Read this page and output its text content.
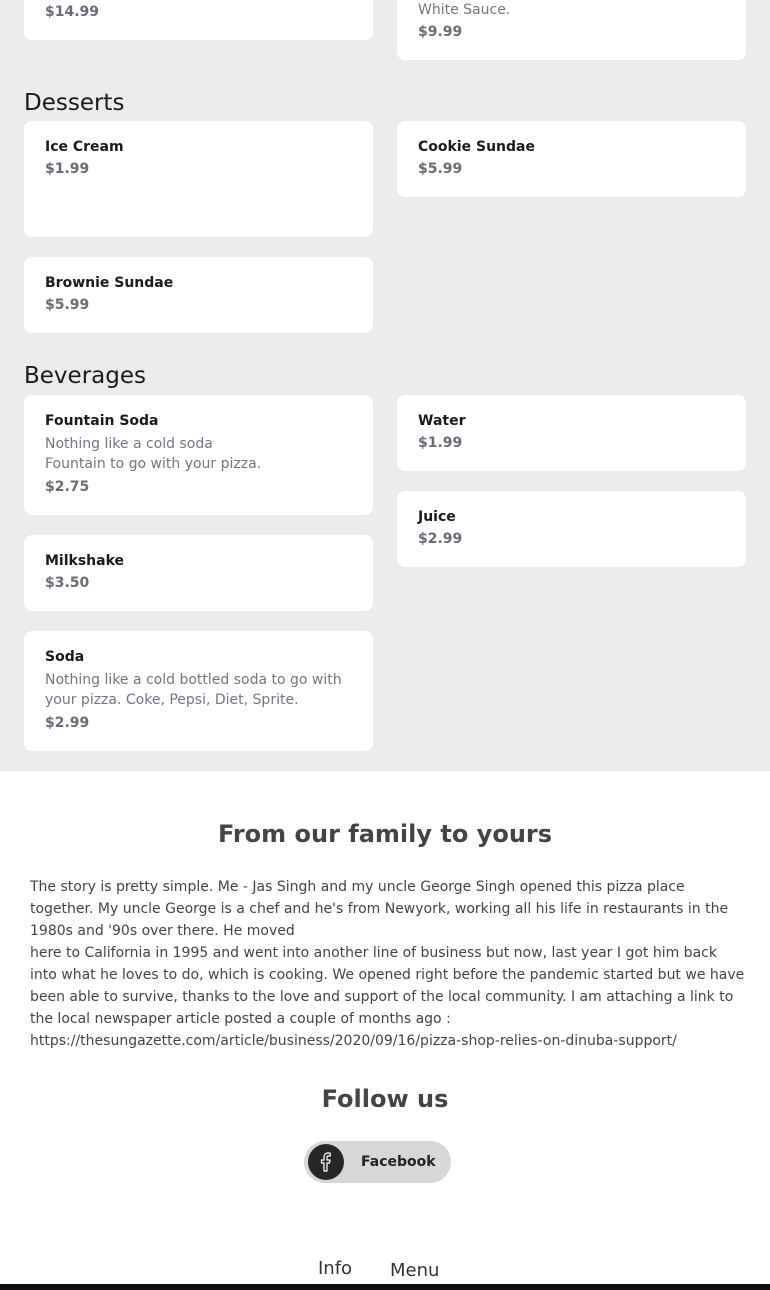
$14.99	White Sauce.
$9.99
Desserts
Ice Cream
$1.99
Cookie Sundae
$5.99
Brownie Sundae
$5.99
Beverages
Fountain Soda
Nothing like a cold soda
Fountain to go with your pizza.
$2.75
Water
$1.99
Juice
$2.99
Milkshake
$3.50
Soda
Nothing like a cold bottled soda to go with
your pizza. Coke, Pepsi, Diet, Sprite.
$2.99
From our family to yours

The story is pretty simple. Me - Jas Singh and my uncle George Singh opened this pizza place together. My uncle George is a chef and he's from Newyork, working all his life in restaurants in the 1980s and '90s over there. He moved

here to California in 1995 and went into another line of business but now, last year I got him back into what he loves to do, which is cooking. We opened right before the pandemic started but we have been able to survive, thanks to the love and support of the local community. I am attaching a link to the local newspaper article posted a couple of months ago : https://thesungazette.com/article/business/2020/09/16/pizza-shop-relies-on-dinuba-support/

Follow us
Facebook
Info Menu
